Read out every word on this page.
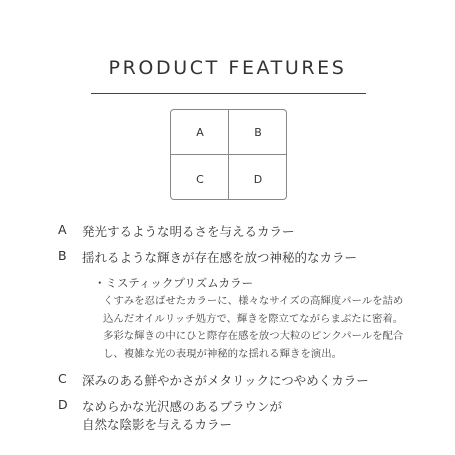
PRODUCT FEATURES
A	B
C	D
A 発光するような明るさを与えるカラー
B 揺れるような輝きが存在感を放つ神秘的なカラー
・ミスティックプリズムカラー
くすみを忍ばせたカラーに、様々なサイズの高輝度パールを詰め
込んだオイルリッチ処方で、輝きを際立てながらまぶたに密着。
多彩な輝きの中にひと際存在感を放つ大粒のピンクパールを配合
し、複雑な光の表現が神秘的な揺れる輝きを演出。
C 深みのある鮮やかさがメタリックにつやめくカラー
D なめらかな光沢感のあるブラウンが
自然な陰影を与えるカラー
